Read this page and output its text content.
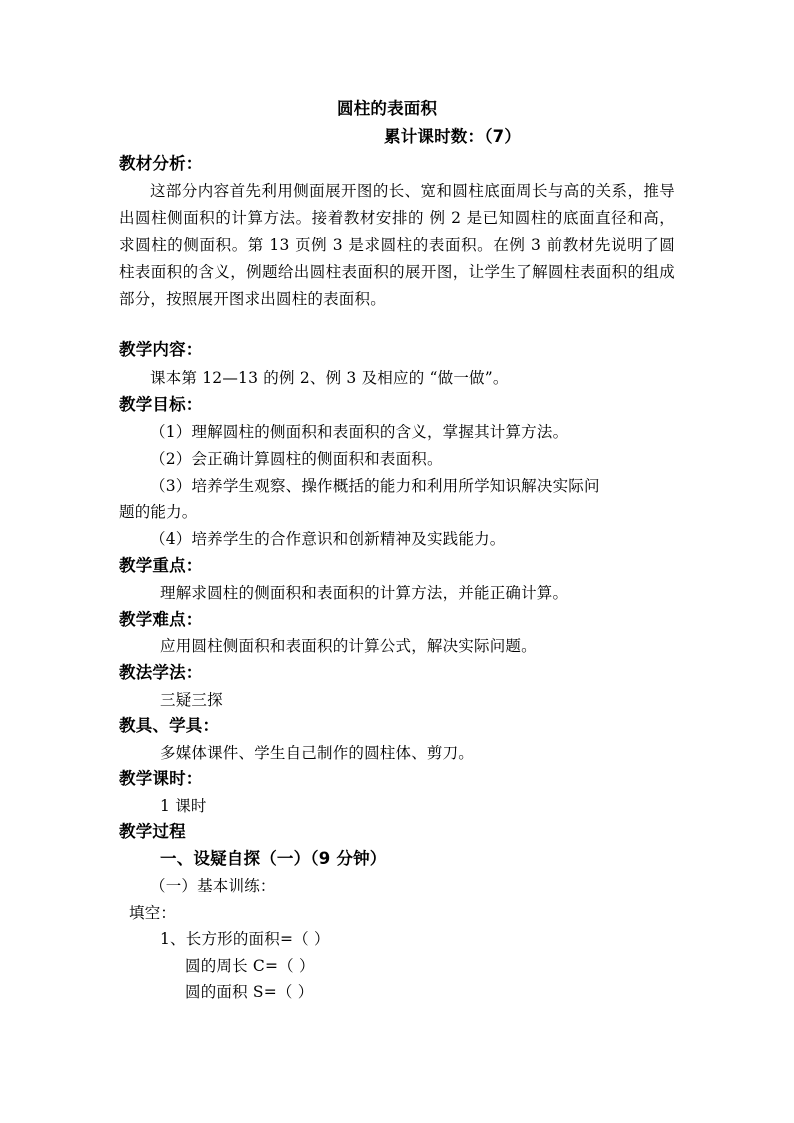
圆柱的表面积
累计课时数：（7）
教材分析：
这部分内容首先利用侧面展开图的长、宽和圆柱底面周长与高的关系，推导出圆柱侧面积的计算方法。接着教材安排的 例 2 是已知圆柱的底面直径和高，求圆柱的侧面积。第 13 页例 3 是求圆柱的表面积。在例 3 前教材先说明了圆柱表面积的含义，例题给出圆柱表面积的展开图，让学生了解圆柱表面积的组成部分，按照展开图求出圆柱的表面积。
教学内容：
课本第 12—13 的例 2、例 3 及相应的 “做一做”。
教学目标：
（1）理解圆柱的侧面积和表面积的含义，掌握其计算方法。
（2）会正确计算圆柱的侧面积和表面积。
（3）培养学生观察、操作概括的能力和利用所学知识解决实际问
题的能力。
（4）培养学生的合作意识和创新精神及实践能力。
教学重点：
理解求圆柱的侧面积和表面积的计算方法，并能正确计算。
教学难点：
应用圆柱侧面积和表面积的计算公式，解决实际问题。
教法学法：
三疑三探
教具、学具：
多媒体课件、学生自己制作的圆柱体、剪刀。
教学课时：
1 课时
教学过程
一、设疑自探（一）（9 分钟）
（一）基本训练：
填空：
1、长方形的面积=（ ）
圆的周长 C=（ ）
圆的面积 S=（ ）
